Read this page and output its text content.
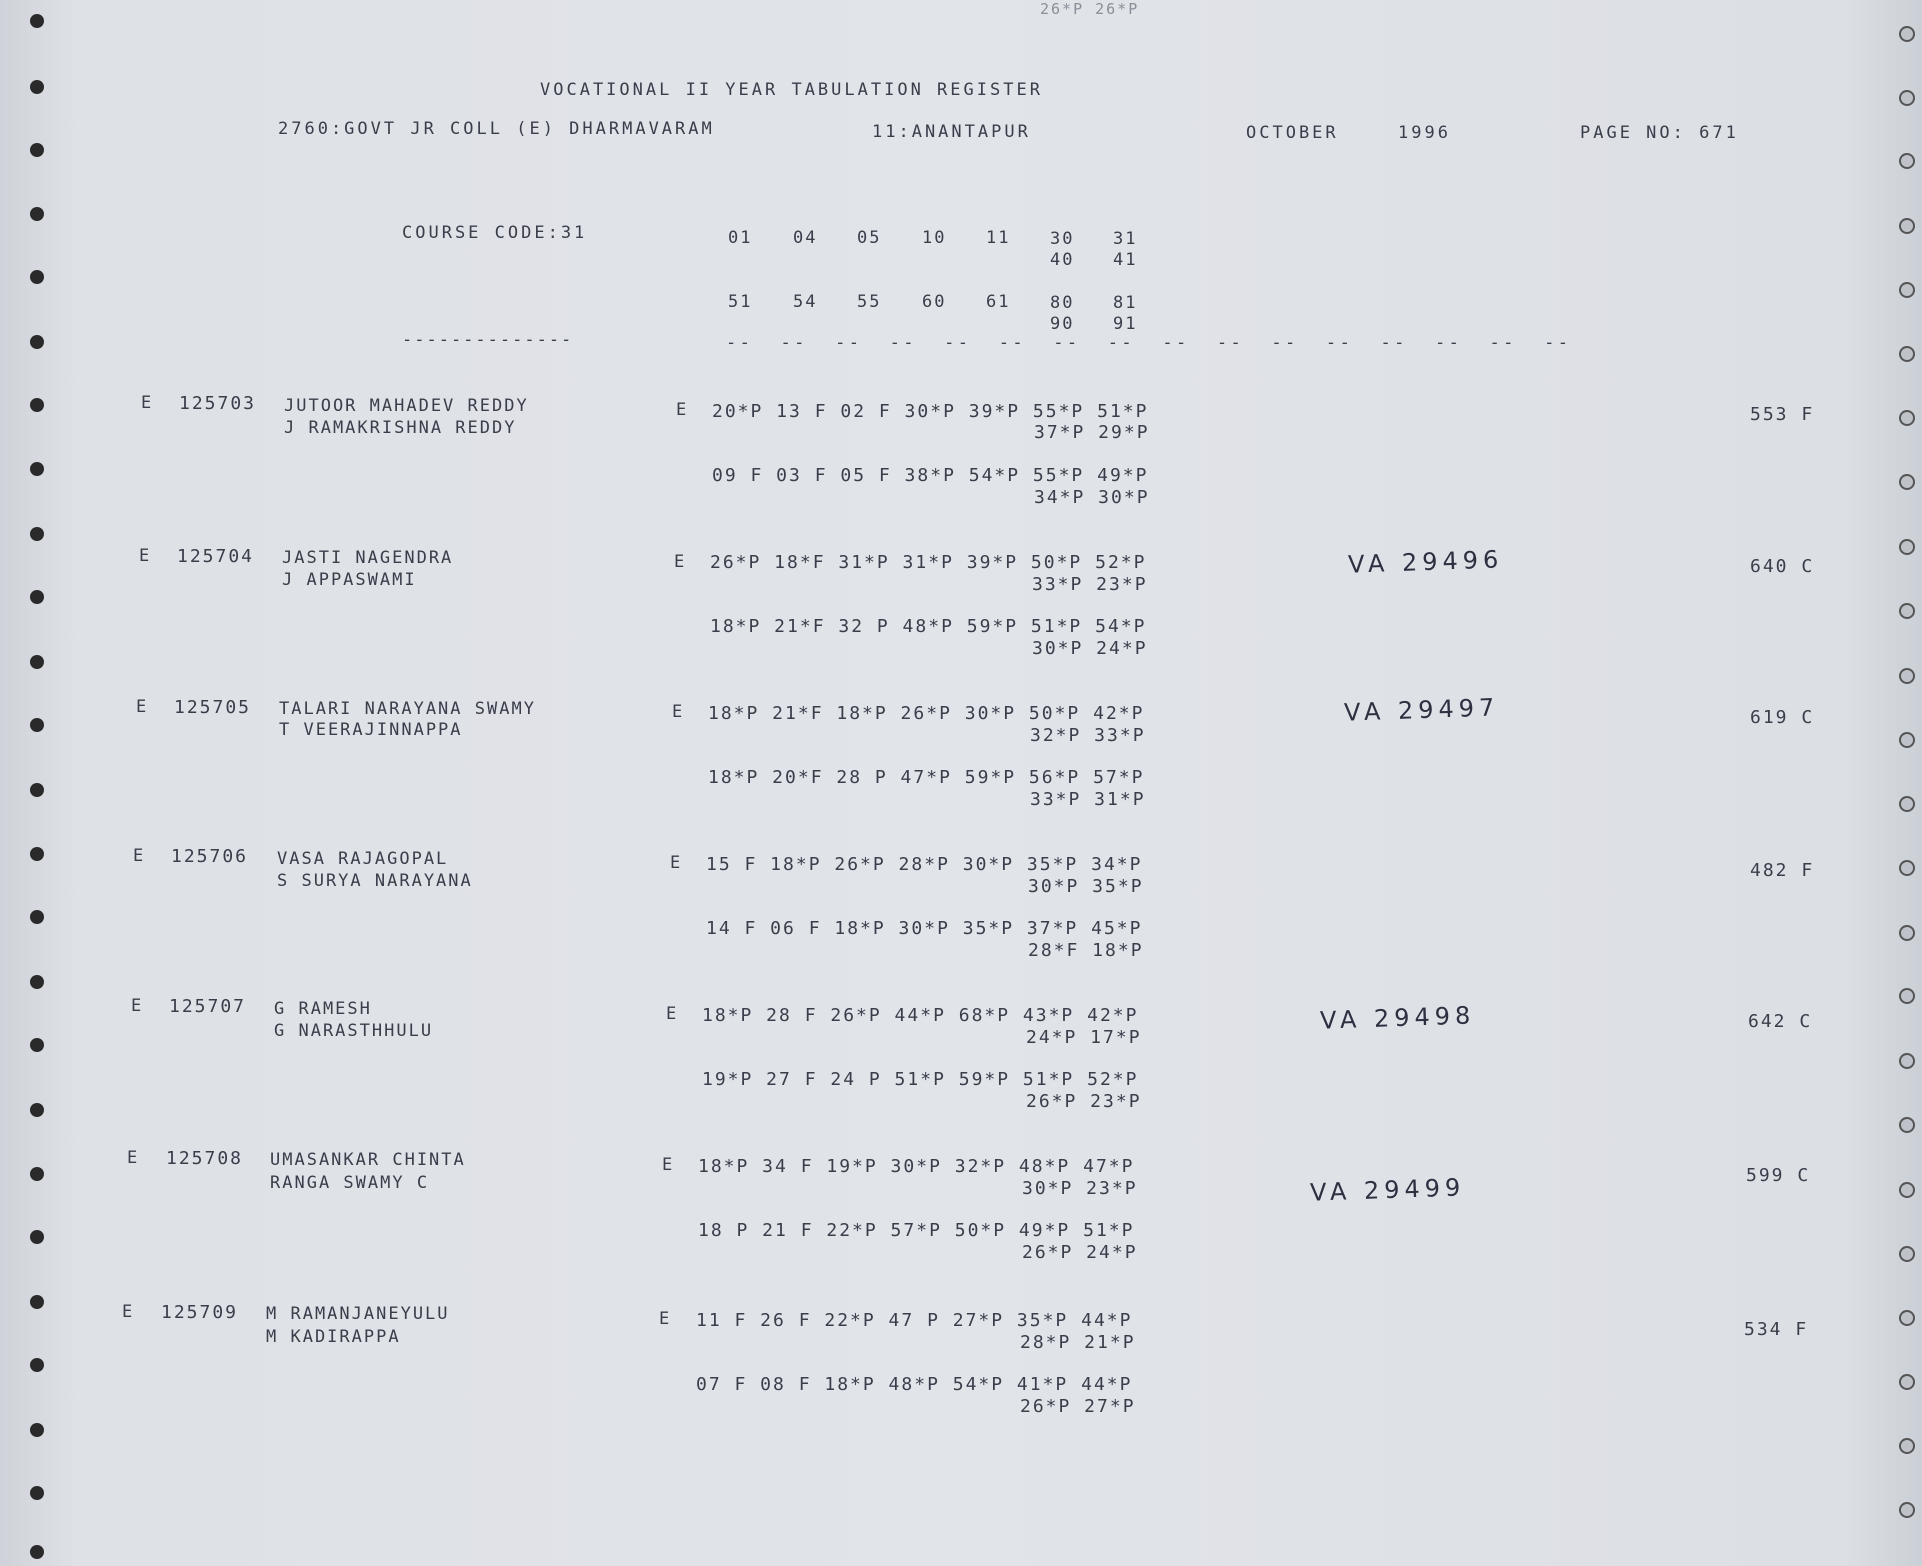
26*P 26*P
VOCATIONAL II YEAR TABULATION REGISTER
2760:GOVT JR COLL (E) DHARMAVARAM	11:ANANTAPUR	OCTOBER	1996	PAGE NO: 671
COURSE CODE:31	01 04 05 10 11 30 31
40 41
51 54 55 60 61 80 81
90 91
--------------	--  --  --  --  --  --  --  --  --  --  --  --  --  --  --  --
E 125703 JUTOOR MAHADEV REDDY
J RAMAKRISHNA REDDY
E 20*P 13 F 02 F 30*P 39*P 55*P 51*P
37*P 29*P
09 F 03 F 05 F 38*P 54*P 55*P 49*P
34*P 30*P
553 F
E 125704 JASTI NAGENDRA
J APPASWAMI
E 26*P 18*F 31*P 31*P 39*P 50*P 52*P
33*P 23*P
18*P 21*F 32 P 48*P 59*P 51*P 54*P
30*P 24*P
VA 29496	640 C
E 125705 TALARI NARAYANA SWAMY
T VEERAJINNAPPA
E 18*P 21*F 18*P 26*P 30*P 50*P 42*P
32*P 33*P
18*P 20*F 28 P 47*P 59*P 56*P 57*P
33*P 31*P
VA 29497	619 C
E 125706 VASA RAJAGOPAL
S SURYA NARAYANA
E 15 F 18*P 26*P 28*P 30*P 35*P 34*P
30*P 35*P
14 F 06 F 18*P 30*P 35*P 37*P 45*P
28*F 18*P
482 F
E 125707 G RAMESH
G NARASTHHULU
E 18*P 28 F 26*P 44*P 68*P 43*P 42*P
24*P 17*P
19*P 27 F 24 P 51*P 59*P 51*P 52*P
26*P 23*P
VA 29498	642 C
E 125708 UMASANKAR CHINTA
RANGA SWAMY C
E 18*P 34 F 19*P 30*P 32*P 48*P 47*P
30*P 23*P
18 P 21 F 22*P 57*P 50*P 49*P 51*P
26*P 24*P
VA 29499	599 C
E 125709 M RAMANJANEYULU
M KADIRAPPA
E 11 F 26 F 22*P 47 P 27*P 35*P 44*P
28*P 21*P
07 F 08 F 18*P 48*P 54*P 41*P 44*P
26*P 27*P
534 F
